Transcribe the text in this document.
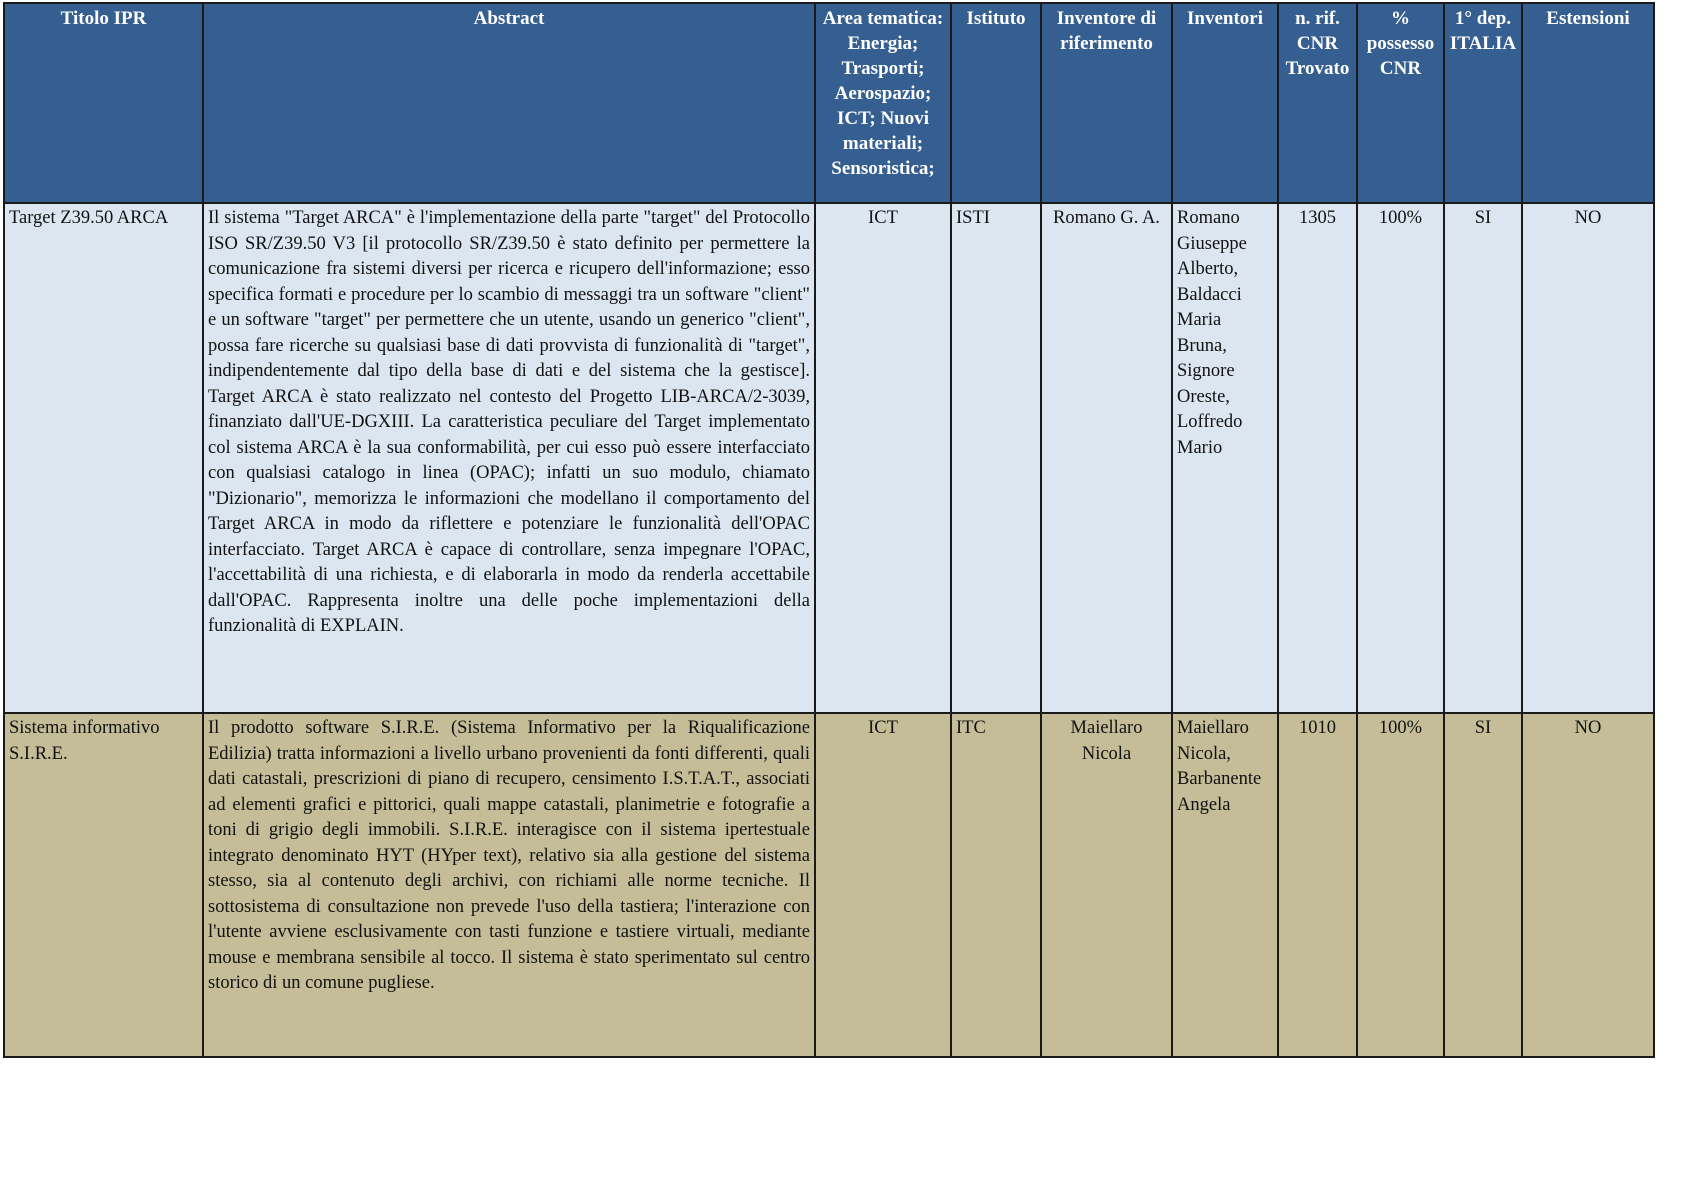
Titolo IPR	Abstract	Area tematica: Energia; Trasporti; Aerospazio; ICT; Nuovi materiali; Sensoristica;	Istituto	Inventore di riferimento	Inventori	n. rif. CNR Trovato	% possesso CNR	1° dep. ITALIA	Estensioni
Target Z39.50 ARCA	Il sistema "Target ARCA" è l'implementazione della parte "target" del Protocollo ISO SR/Z39.50 V3 [il protocollo SR/Z39.50 è stato definito per permettere la comunicazione fra sistemi diversi per ricerca e ricupero dell'informazione; esso specifica formati e procedure per lo scambio di messaggi tra un software "client" e un software "target" per permettere che un utente, usando un generico "client", possa fare ricerche su qualsiasi base di dati provvista di funzionalità di "target", indipendentemente dal tipo della base di dati e del sistema che la gestisce]. Target ARCA è stato realizzato nel contesto del Progetto LIB-ARCA/2-3039, finanziato dall'UE-DGXIII. La caratteristica peculiare del Target implementato col sistema ARCA è la sua conformabilità, per cui esso può essere interfacciato con qualsiasi catalogo in linea (OPAC); infatti un suo modulo, chiamato "Dizionario", memorizza le informazioni che modellano il comportamento del Target ARCA in modo da riflettere e potenziare le funzionalità dell'OPAC interfacciato. Target ARCA è capace di controllare, senza impegnare l'OPAC, l'accettabilità di una richiesta, e di elaborarla in modo da renderla accettabile dall'OPAC. Rappresenta inoltre una delle poche implementazioni della funzionalità di EXPLAIN.	ICT	ISTI	Romano G. A.	Romano Giuseppe Alberto, Baldacci Maria Bruna, Signore Oreste, Loffredo Mario	1305	100%	SI	NO
Sistema informativo S.I.R.E.	Il prodotto software S.I.R.E. (Sistema Informativo per la Riqualificazione Edilizia) tratta informazioni a livello urbano provenienti da fonti differenti, quali dati catastali, prescrizioni di piano di recupero, censimento I.S.T.A.T., associati ad elementi grafici e pittorici, quali mappe catastali, planimetrie e fotografie a toni di grigio degli immobili. S.I.R.E. interagisce con il sistema ipertestuale integrato denominato HYT (HYper text), relativo sia alla gestione del sistema stesso, sia al contenuto degli archivi, con richiami alle norme tecniche. Il sottosistema di consultazione non prevede l'uso della tastiera; l'interazione con l'utente avviene esclusivamente con tasti funzione e tastiere virtuali, mediante mouse e membrana sensibile al tocco. Il sistema è stato sperimentato sul centro storico di un comune pugliese.	ICT	ITC	Maiellaro Nicola	Maiellaro Nicola, Barbanente Angela	1010	100%	SI	NO
